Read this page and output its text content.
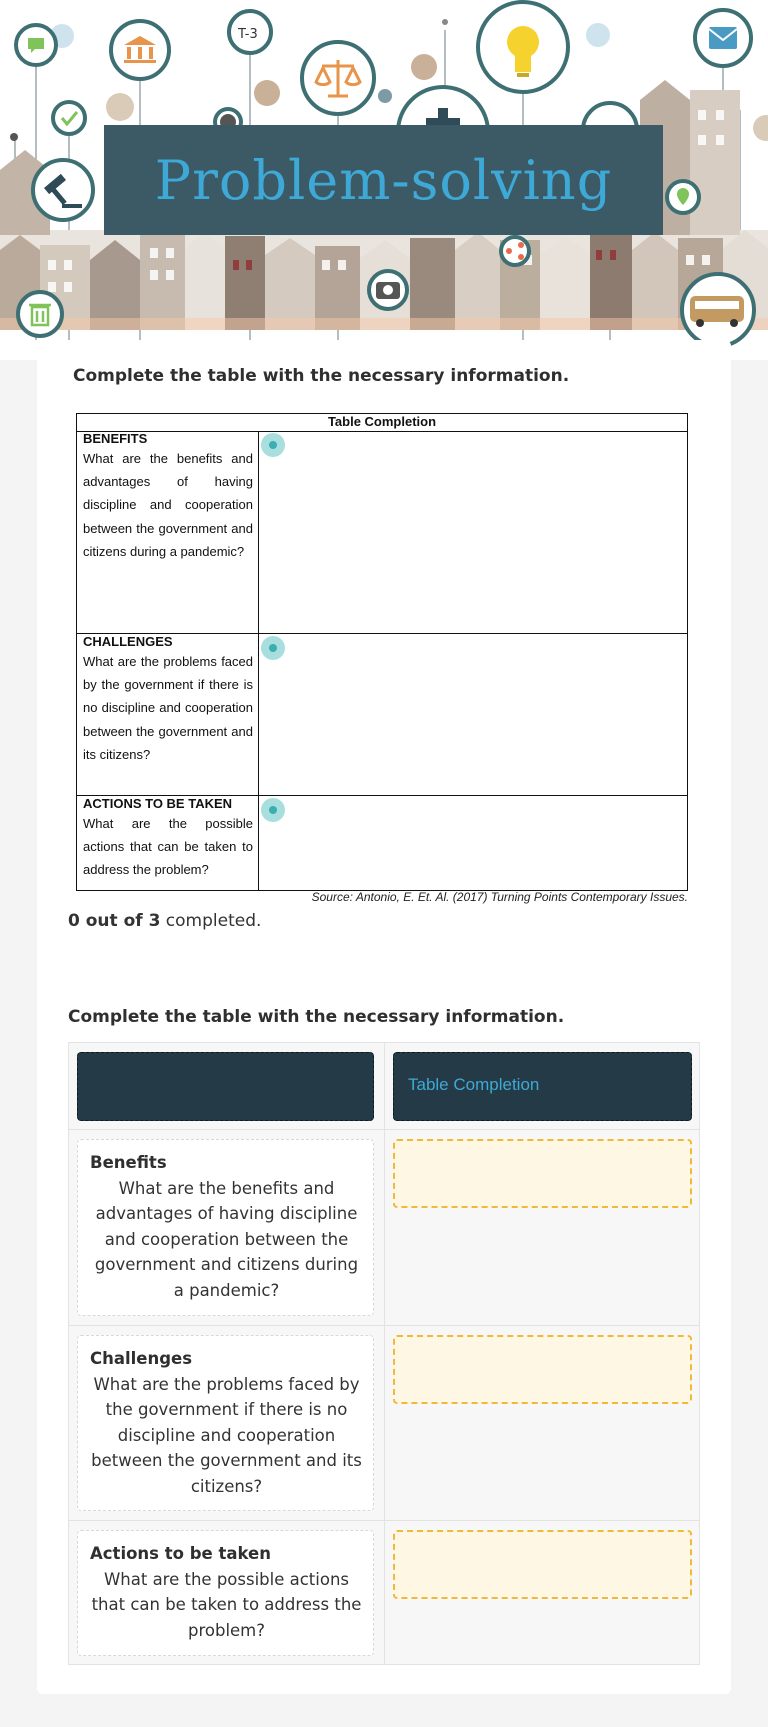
T-3
Problem-solving
Complete the table with the necessary information.
Table Completion
BENEFITS
What are the benefits and advantages of having discipline and cooperation between the government and citizens during a pandemic?
CHALLENGES
What are the problems faced by the government if there is no discipline and cooperation between the government and its citizens?
ACTIONS TO BE TAKEN
What are the possible actions that can be taken to address the problem?
Source: Antonio, E. Et. Al. (2017) Turning Points Contemporary Issues.
0 out of 3 completed.
Complete the table with the necessary information.
Table Completion
Benefits
What are the benefits and advantages of having discipline and cooperation between the government and citizens during a pandemic?
Challenges
What are the problems faced by the government if there is no discipline and cooperation between the government and its citizens?
Actions to be taken
What are the possible actions that can be taken to address the problem?
